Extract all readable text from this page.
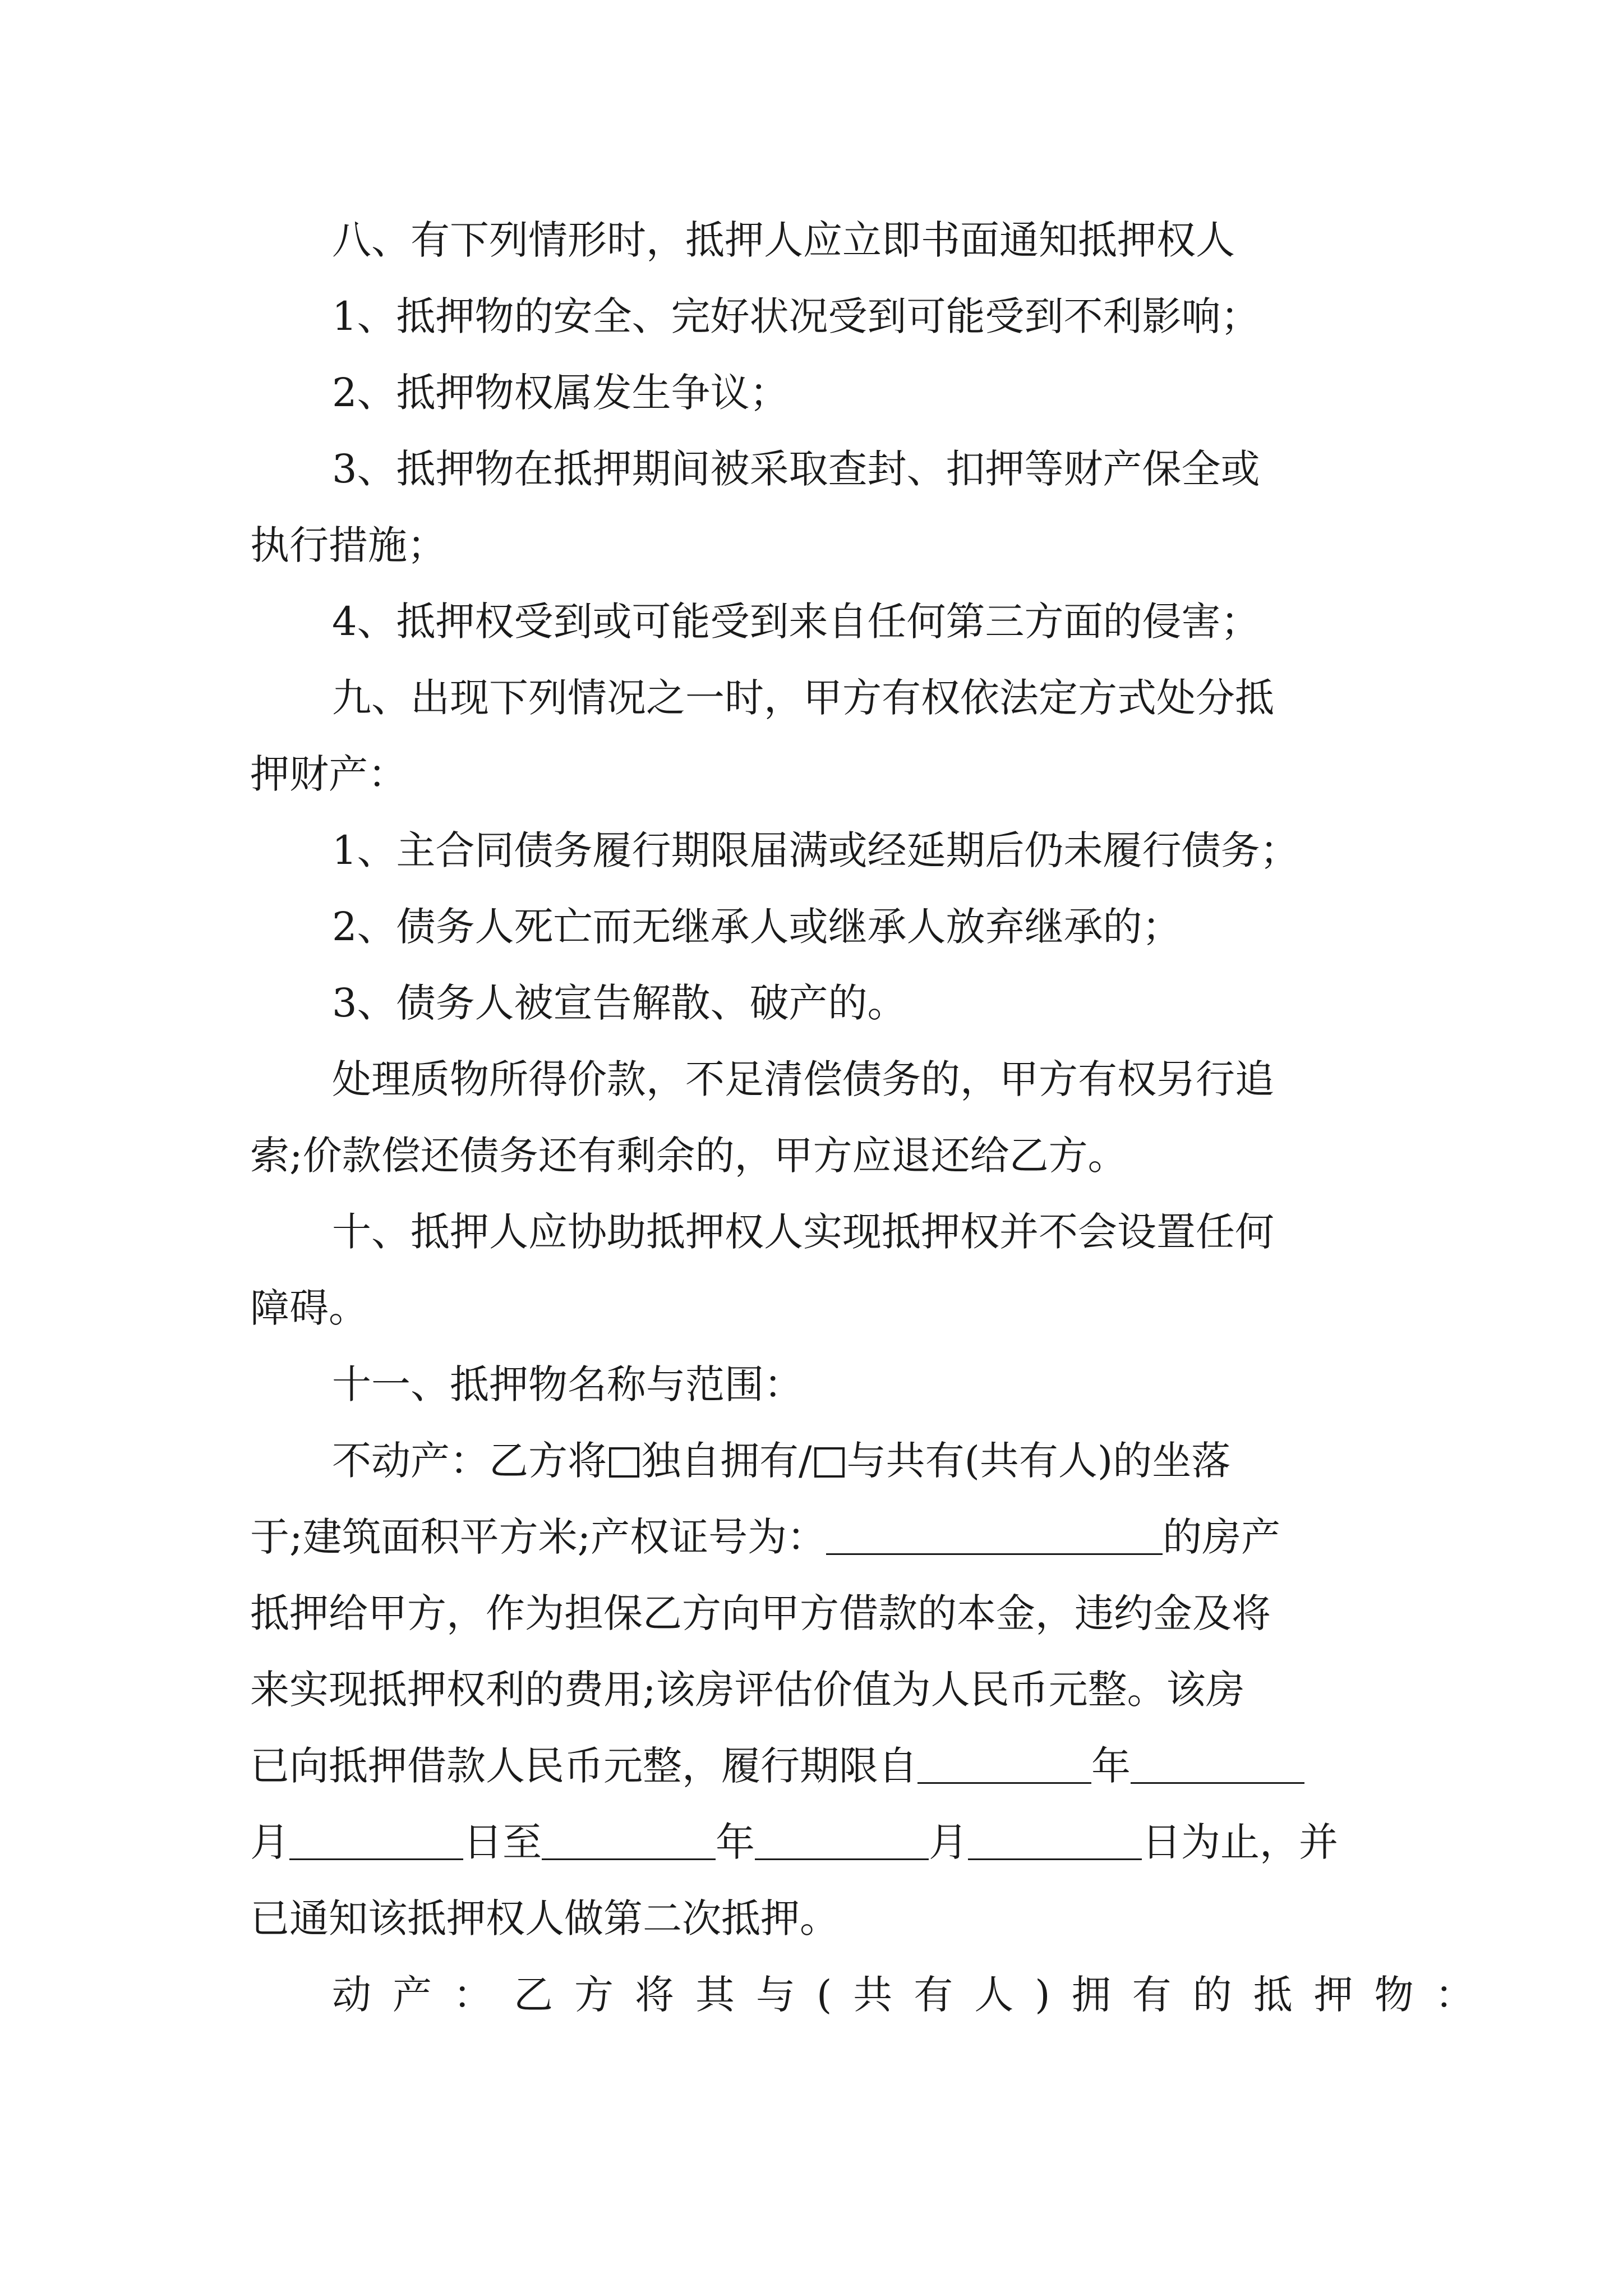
八、有下列情形时，抵押人应立即书面通知抵押权人
1、抵押物的安全、完好状况受到可能受到不利影响；
2、抵押物权属发生争议；
3、抵押物在抵押期间被采取查封、扣押等财产保全或
执行措施；
4、抵押权受到或可能受到来自任何第三方面的侵害；
九、出现下列情况之一时，甲方有权依法定方式处分抵
押财产：
1、主合同债务履行期限届满或经延期后仍未履行债务；
2、债务人死亡而无继承人或继承人放弃继承的；
3、债务人被宣告解散、破产的。
处理质物所得价款，不足清偿债务的，甲方有权另行追
索;价款偿还债务还有剩余的，甲方应退还给乙方。
十、抵押人应协助抵押权人实现抵押权并不会设置任何
障碍。
十一、抵押物名称与范围：
不动产：乙方将 独自拥有/ 与共有(共有人)的坐落
于;建筑面积平方米;产权证号为：	的房产
抵押给甲方，作为担保乙方向甲方借款的本金，违约金及将
来实现抵押权利的费用;该房评估价值为人民币元整。该房
已向抵押借款人民币元整，履行期限自	年
月	日至	年	月	日为止，并
已通知该抵押权人做第二次抵押。
动产：乙方将其与(共有人)拥有的抵押物：
